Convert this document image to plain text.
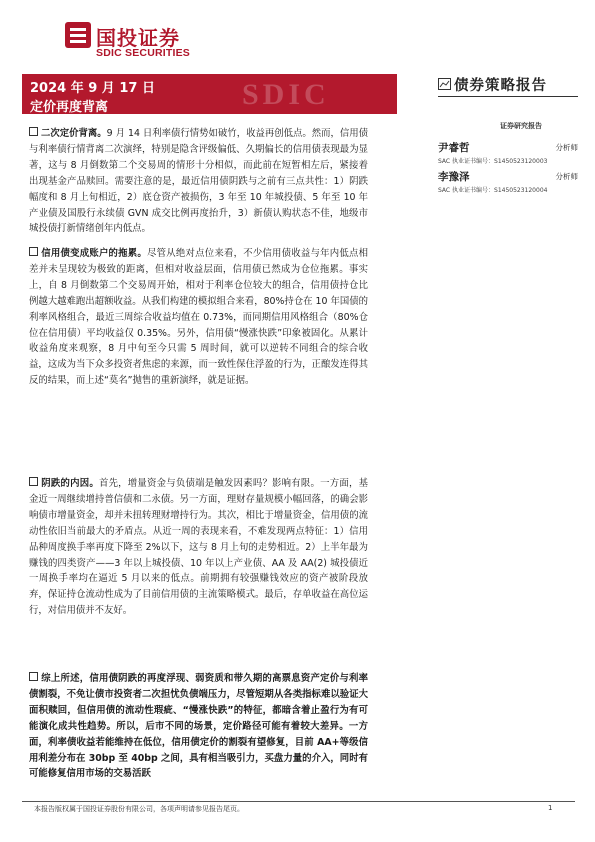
国投证券
SDIC SECURITIES
SDIC
2024 年 9 月 17 日
定价再度背离
债券策略报告
证券研究报告
尹睿哲	分析师
SAC 执业证书编号：S1450523120003
李豫泽	分析师
SAC 执业证书编号：S1450523120004

二次定价背离。9 月 14 日利率债行情势如破竹，收益再创低点。然而，信用债与利率债行情背离二次演绎，特别是隐含评级偏低、久期偏长的信用债表现最为显著，这与 8 月倒数第二个交易周的情形十分相似，而此前在短暂相左后，紧接着出现基金产品赎回。需要注意的是，最近信用债阴跌与之前有三点共性：1）阴跌幅度和 8 月上旬相近，2）底仓资产被损伤，3 年至 10 年城投债、5 年至 10 年产业债及国股行永续债 GVN 成交比例再度抬升，3）新债认购状态不佳，地级市城投债打新情绪创年内低点。

信用债变成账户的拖累。尽管从绝对点位来看，不少信用债收益与年内低点相差并未呈现较为极致的距离，但相对收益层面，信用债已然成为仓位拖累。事实上，自 8 月倒数第二个交易周开始，相对于利率仓位较大的组合，信用债持仓比例越大越难跑出超额收益。从我们构建的模拟组合来看，80%持仓在 10 年国债的利率风格组合，最近三周综合收益均值在 0.73%，而同期信用风格组合（80%仓位在信用债）平均收益仅 0.35%。另外，信用债“慢涨快跌”印象被固化。从累计收益角度来观察，8 月中旬至今只需 5 周时间，就可以逆转不同组合的综合收益，这成为当下众多投资者焦虑的来源，而一致性保住浮盈的行为，正酿发连得其反的结果，而上述“莫名”抛售的重新演绎，就是证据。

阴跌的内因。首先，增量资金与负债端是触发因素吗？影响有限。一方面，基金近一周继续增持普信债和二永债。另一方面，理财存量规模小幅回落，的确会影响债市增量资金，却并未扭转理财增持行为。其次，相比于增量资金，信用债的流动性依旧当前最大的矛盾点。从近一周的表现来看，不难发现两点特征：1）信用品种周度换手率再度下降至 2%以下，这与 8 月上旬的走势相近。2）上半年最为赚钱的四类资产——3 年以上城投债、10 年以上产业债、AA 及 AA(2) 城投债近一周换手率均在逼近 5 月以来的低点。前期拥有较强赚钱效应的资产被阶段放弃，保证持仓流动性成为了目前信用债的主流策略模式。最后，存单收益在高位运行，对信用债并不友好。

综上所述，信用债阴跌的再度浮现、弱资质和带久期的高票息资产定价与利率债割裂，不免让债市投资者二次担忧负债端压力，尽管短期从各类指标难以验证大面积赎回，但信用债的流动性瑕疵、“慢涨快跌”的特征，都暗含着止盈行为有可能演化成共性趋势。所以，后市不同的场景，定价路径可能有着较大差异。一方面，利率债收益若能维持在低位，信用债定价的割裂有望修复，目前 AA+等级信用利差分布在 30bp 至 40bp 之间，具有相当吸引力，买盘力量的介入，同时有可能修复信用市场的交易活跃

本报告版权属于国投证券股份有限公司，各项声明请参见报告尾页。	1
